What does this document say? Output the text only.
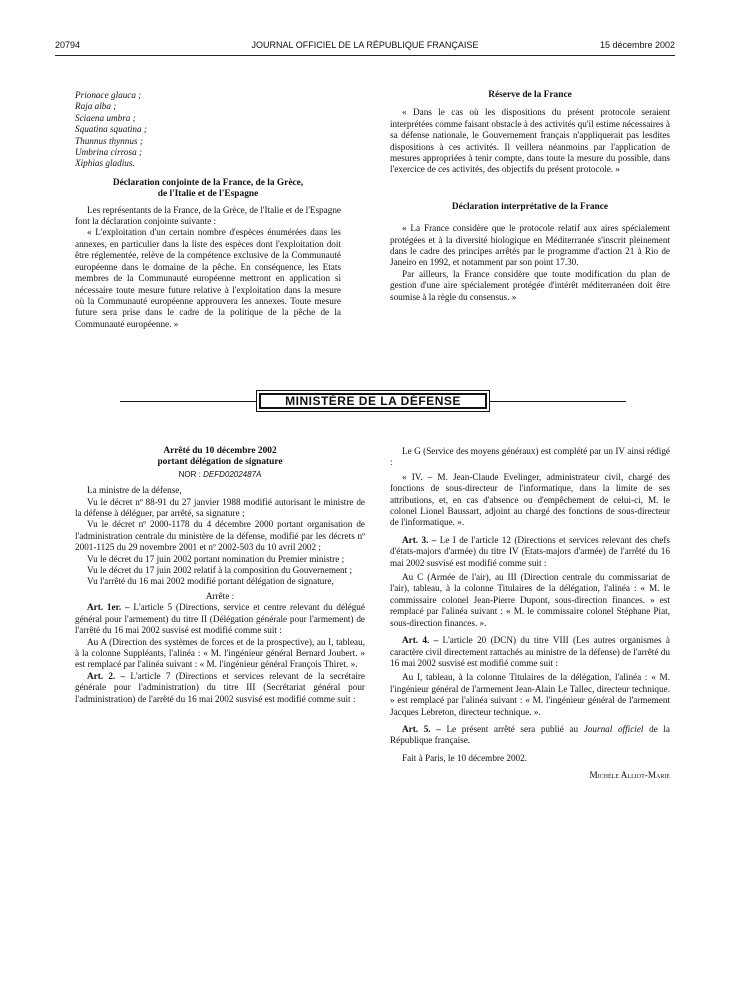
20794	JOURNAL OFFICIEL DE LA RÉPUBLIQUE FRANÇAISE	15 décembre 2002
Prionace glauca ;
Raja alba ;
Sciaena umbra ;
Squatina squatina ;
Thunnus thynnus ;
Umbrina cirrosa ;
Xiphias gladius.

Déclaration conjointe de la France, de la Grèce,

de l'Italie et de l'Espagne

Les représentants de la France, de la Grèce, de l'Italie et de l'Espagne font la déclaration conjointe suivante :

« L'exploitation d'un certain nombre d'espèces énumérées dans les annexes, en particulier dans la liste des espèces dont l'exploitation doit être réglementée, relève de la compétence exclusive de la Communauté européenne dans le domaine de la pêche. En conséquence, les Etats membres de la Communauté européenne mettront en application si nécessaire toute mesure future relative à l'exploitation dans la mesure où la Communauté européenne approuvera les annexes. Toute mesure future sera prise dans le cadre de la politique de la pêche de la Communauté européenne. »

Réserve de la France

« Dans le cas où les dispositions du présent protocole seraient interprétées comme faisant obstacle à des activités qu'il estime nécessaires à sa défense nationale, le Gouvernement français n'appliquerait pas lesdites dispositions à ces activités. Il veillera néanmoins par l'application de mesures appropriées à tenir compte, dans toute la mesure du possible, dans l'exercice de ces activités, des objectifs du présent protocole. »

Déclaration interprétative de la France

« La France considère que le protocole relatif aux aires spécialement protégées et à la diversité biologique en Méditerranée s'inscrit pleinement dans le cadre des principes arrêtés par le programme d'action 21 à Rio de Janeiro en 1992, et notamment par son point 17.30.

Par ailleurs, la France considère que toute modification du plan de gestion d'une aire spécialement protégée d'intérêt méditerranéen doit être soumise à la règle du consensus. »

MINISTÈRE DE LA DÉFENSE

Arrêté du 10 décembre 2002

portant délégation de signature

NOR : DEFD0202487A

La ministre de la défense,

Vu le décret nº 88-91 du 27 janvier 1988 modifié autorisant le ministre de la défense à déléguer, par arrêté, sa signature ;

Vu le décret nº 2000-1178 du 4 décembre 2000 portant organisation de l'administration centrale du ministère de la défense, modifié par les décrets nº 2001-1125 du 29 novembre 2001 et nº 2002-503 du 10 avril 2002 ;

Vu le décret du 17 juin 2002 portant nomination du Premier ministre ;

Vu le décret du 17 juin 2002 relatif à la composition du Gouvernement ;

Vu l'arrêté du 16 mai 2002 modifié portant délégation de signature,

Arrête :

Art. 1er. – L'article 5 (Directions, service et centre relevant du délégué général pour l'armement) du titre II (Délégation générale pour l'armement) de l'arrêté du 16 mai 2002 susvisé est modifié comme suit :

Au A (Direction des systèmes de forces et de la prospective), au I, tableau, à la colonne Suppléants, l'alinéa : « M. l'ingénieur général Bernard Joubert. » est remplacé par l'alinéa suivant : « M. l'ingénieur général François Thiret. ».

Art. 2. – L'article 7 (Directions et services relevant de la secrétaire générale pour l'administration) du titre III (Secrétariat général pour l'administration) de l'arrêté du 16 mai 2002 susvisé est modifié comme suit :

Le G (Service des moyens généraux) est complété par un IV ainsi rédigé :

« IV. – M. Jean-Claude Evelinger, administrateur civil, chargé des fonctions de sous-directeur de l'informatique, dans la limite de ses attributions, et, en cas d'absence ou d'empêchement de celui-ci, M. le colonel Lionel Baussart, adjoint au chargé des fonctions de sous-directeur de l'informatique. ».

Art. 3. – Le I de l'article 12 (Directions et services relevant des chefs d'états-majors d'armée) du titre IV (Etats-majors d'armée) de l'arrêté du 16 mai 2002 susvisé est modifié comme suit :

Au C (Armée de l'air), au III (Direction centrale du commissariat de l'air), tableau, à la colonne Titulaires de la délégation, l'alinéa : « M. le commissaire colonel Jean-Pierre Dupont, sous-direction finances. » est remplacé par l'alinéa suivant : « M. le commissaire colonel Stéphane Piat, sous-direction finances. ».

Art. 4. – L'article 20 (DCN) du titre VIII (Les autres organismes à caractère civil directement rattachés au ministre de la défense) de l'arrêté du 16 mai 2002 susvisé est modifié comme suit :

Au I, tableau, à la colonne Titulaires de la délégation, l'alinéa : « M. l'ingénieur général de l'armement Jean-Alain Le Tallec, directeur technique. » est remplacé par l'alinéa suivant : « M. l'ingénieur général de l'armement Jacques Lebreton, directeur technique. ».

Art. 5. – Le présent arrêté sera publié au Journal officiel de la République française.

Fait à Paris, le 10 décembre 2002.

Michèle Alliot-Marie
